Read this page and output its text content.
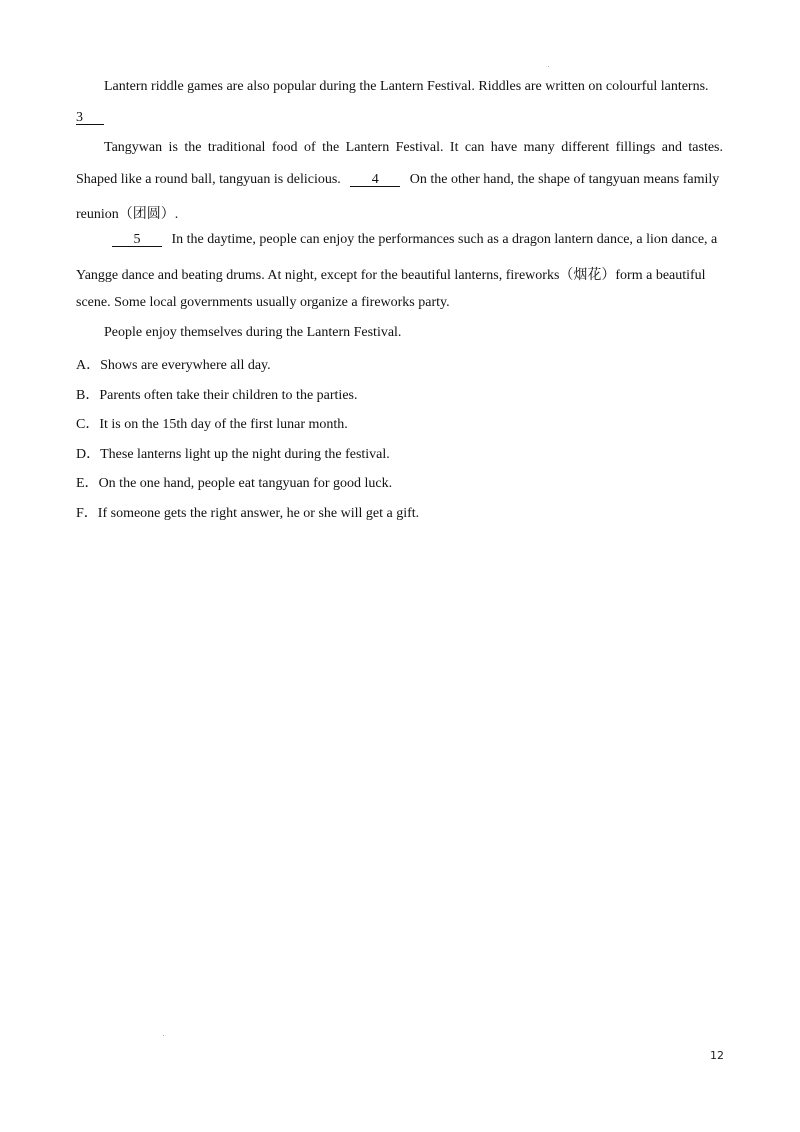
Lantern riddle games are also popular during the Lantern Festival. Riddles are written on colourful lanterns.
3
Tangywan is the traditional food of the Lantern Festival. It can have many different fillings and tastes.
Shaped like a round ball, tangyuan is delicious. 4 On the other hand, the shape of tangyuan means family
reunion（团圆）.
5 In the daytime, people can enjoy the performances such as a dragon lantern dance, a lion dance, a
Yangge dance and beating drums. At night, except for the beautiful lanterns, fireworks（烟花）form a beautiful
scene. Some local governments usually organize a fireworks party.
People enjoy themselves during the Lantern Festival.
A．Shows are everywhere all day.
B．Parents often take their children to the parties.
C．It is on the 15th day of the first lunar month.
D．These lanterns light up the night during the festival.
E．On the one hand, people eat tangyuan for good luck.
F．If someone gets the right answer, he or she will get a gift.
12
